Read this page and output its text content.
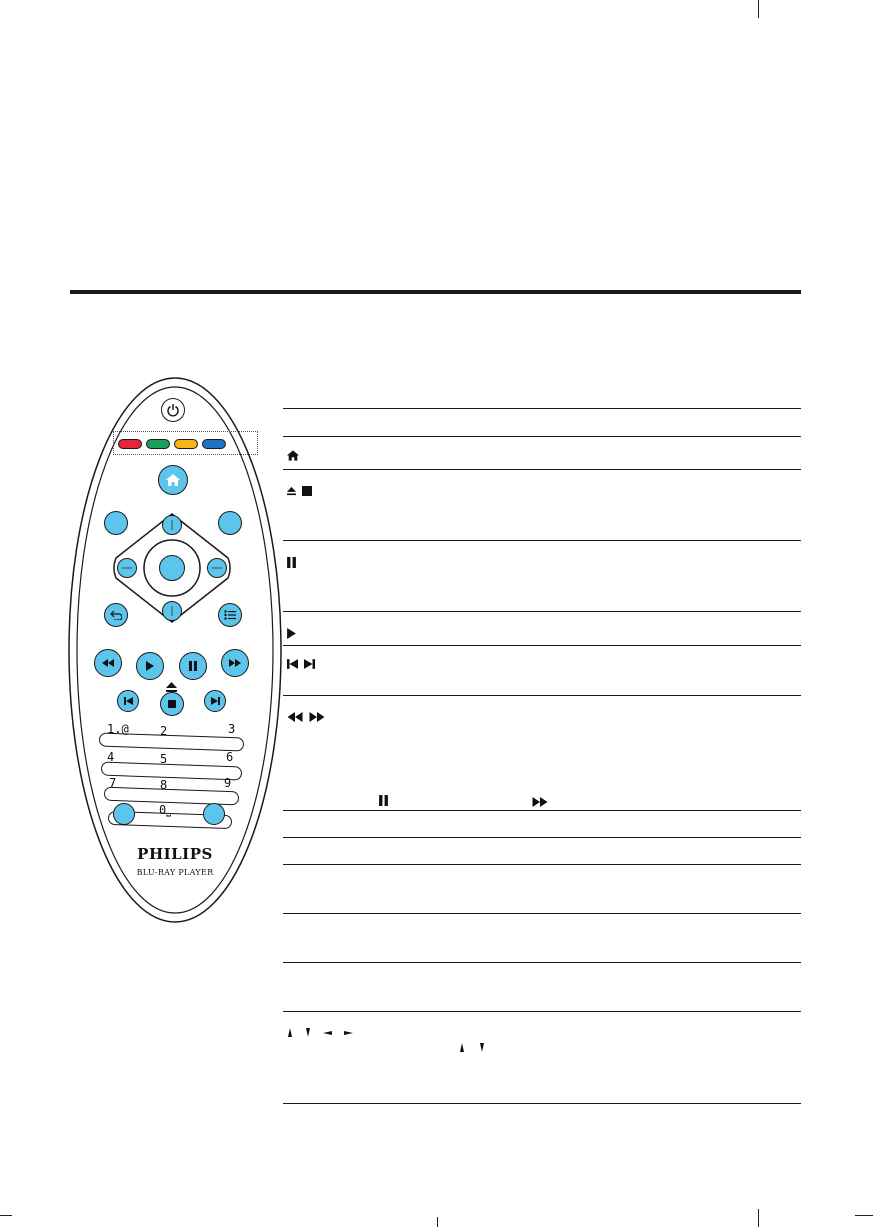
1.@	2	3
4	5	6
7	8	9
0⎵
PHILIPS
BLU-RAY PLAYER
